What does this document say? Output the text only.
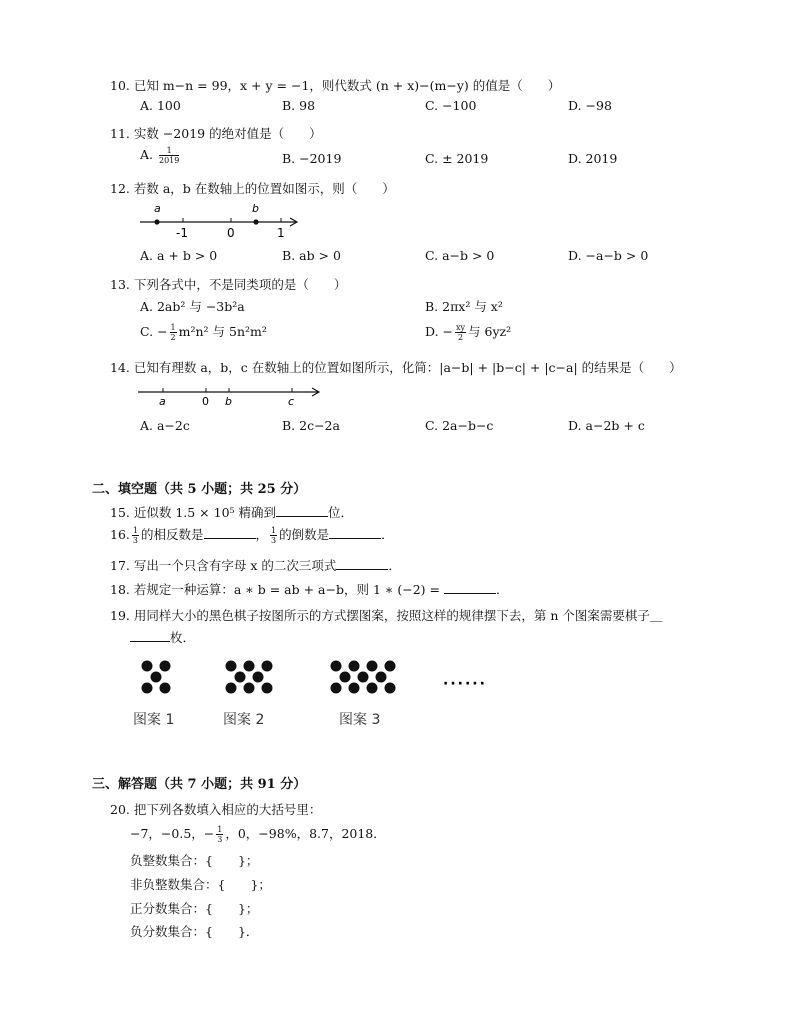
10. 已知 m−n = 99，x + y = −1，则代数式 (n + x)−(m−y) 的值是（　　）
A. 100	B. 98	C. −100	D. −98
11. 实数 −2019 的绝对值是（　　）
A. $\frac{1}{2019}$	B. −2019	C. ± 2019	D. 2019
12. 若数 a，b 在数轴上的位置如图示，则（　　）
a	b
-1	0	1
A. a + b > 0	B. ab > 0	C. a−b > 0	D. −a−b > 0
13. 下列各式中，不是同类项的是（　　）
A. 2ab² 与 −3b²a	B. 2πx² 与 x²
C. − $\frac{1}{2} m^2n^2$ 与 5n²m²	D. − $\frac{xy}{2}$ 与 6yz²
14. 已知有理数 a，b，c 在数轴上的位置如图所示，化简：|a−b| + |b−c| + |c−a| 的结果是（　　）
a	0 b	c
A. a−2c	B. 2c−2a	C. 2a−b−c	D. a−2b + c
二、填空题（共 5 小题；共 25 分）
15. 近似数 1.5 × 10⁵ 精确到	位．
16. $\frac{1}{3}$ 的相反数是	， $\frac{1}{3}$ 的倒数是	．
17. 写出一个只含有字母 x 的二次三项式	．
18. 若规定一种运算：a ∗ b = ab + a−b，则 1 ∗ (−2) =	．
19. 用同样大小的黑色棋子按图所示的方式摆图案，按照这样的规律摆下去，第 n 个图案需要棋子＿
枚．
······
图案 1	图案 2	图案 3
三、解答题（共 7 小题；共 91 分）
20. 把下列各数填入相应的大括号里：
−7，−0.5，− $\frac{1}{3}$ ，0，−98%，8.7，2018．
负整数集合：{　　}；
非负整数集合：{　　}；
正分数集合：{　　}；
负分数集合：{　　}．
